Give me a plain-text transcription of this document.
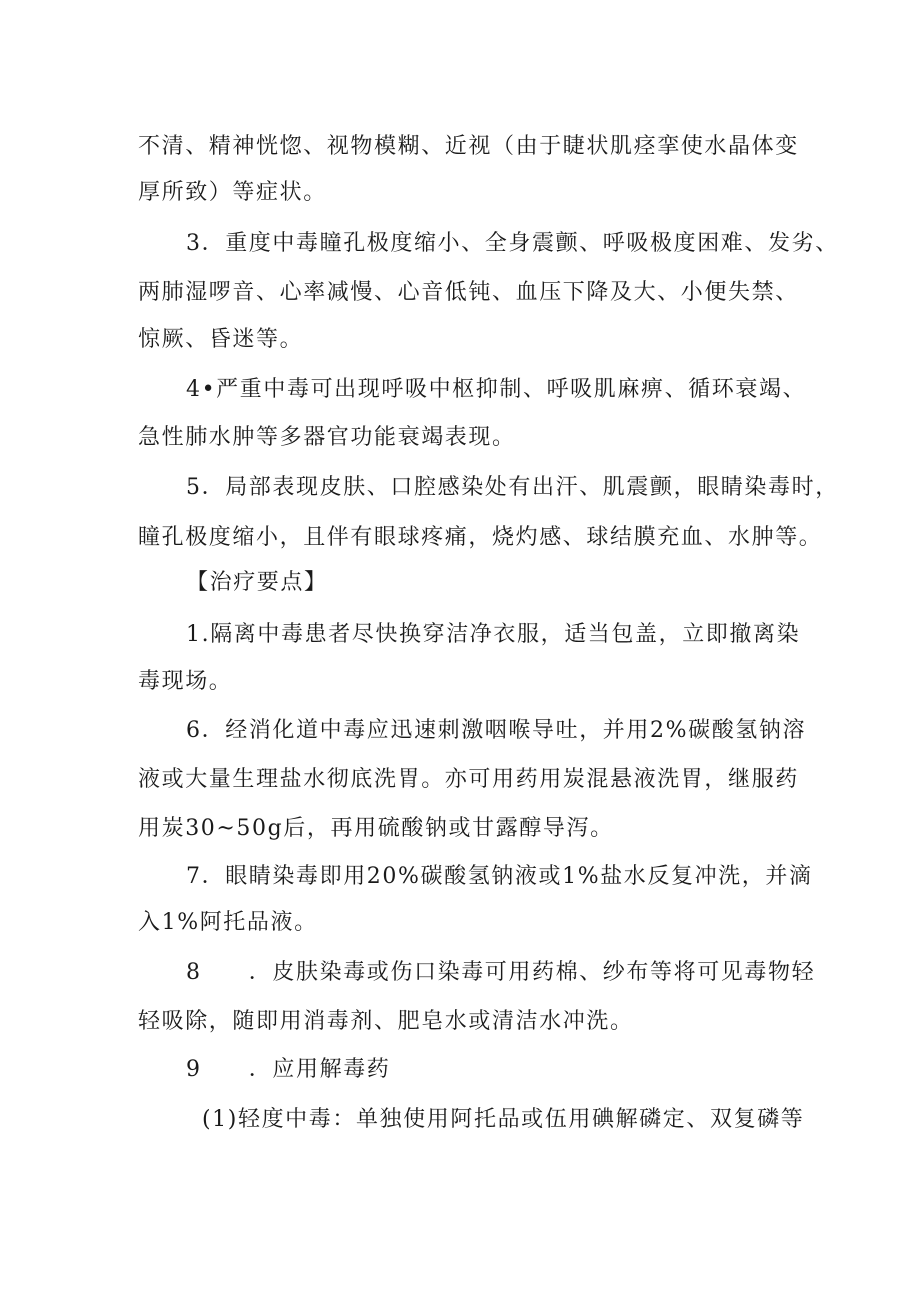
不清、精神恍惚、视物模糊、近视（由于睫状肌痉挛使水晶体变
厚所致）等症状。
3．重度中毒瞳孔极度缩小、全身震颤、呼吸极度困难、发劣、
两肺湿啰音、心率减慢、心音低钝、血压下降及大、小便失禁、
惊厥、昏迷等。
4•严重中毒可出现呼吸中枢抑制、呼吸肌麻痹、循环衰竭、
急性肺水肿等多器官功能衰竭表现。
5．局部表现皮肤、口腔感染处有出汗、肌震颤，眼睛染毒时，
瞳孔极度缩小，且伴有眼球疼痛，烧灼感、球结膜充血、水肿等。
【治疗要点】
1.隔离中毒患者尽快换穿洁净衣服，适当包盖，立即撤离染
毒现场。
6．经消化道中毒应迅速刺激咽喉导吐，并用2%碳酸氢钠溶
液或大量生理盐水彻底洗胃。亦可用药用炭混悬液洗胃，继服药
用炭30~50g后，再用硫酸钠或甘露醇导泻。
7．眼睛染毒即用20%碳酸氢钠液或1%盐水反复冲洗，并滴
入1%阿托品液。
8　　．皮肤染毒或伤口染毒可用药棉、纱布等将可见毒物轻
轻吸除，随即用消毒剂、肥皂水或清洁水冲洗。
9　　．应用解毒药
(1)轻度中毒：单独使用阿托品或伍用碘解磷定、双复磷等
